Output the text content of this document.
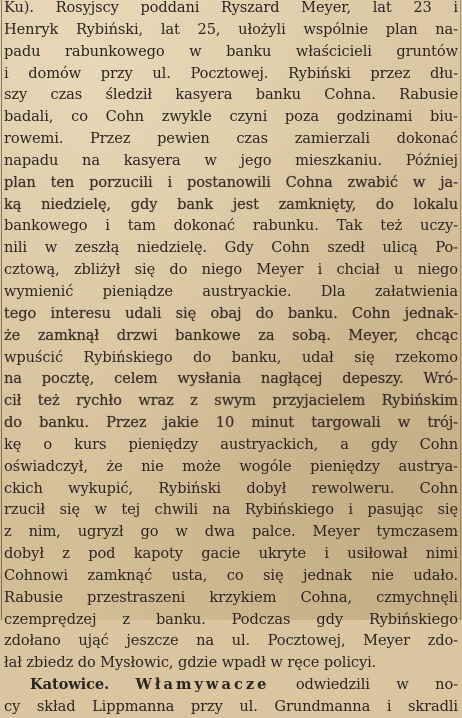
Ku). Rosyjscy poddani Ryszard Meyer, lat 23 i
Henryk Rybiński, lat 25, ułożyli wspólnie plan na-
padu rabunkowego w banku właścicieli gruntów
i domów przy ul. Pocztowej. Rybiński przez dłu-
szy czas śledził kasyera banku Cohna. Rabusie
badali, co Cohn zwykle czyni poza godzinami biu-
rowemi. Przez pewien czas zamierzali dokonać
napadu na kasyera w jego mieszkaniu. Później
plan ten porzucili i postanowili Cohna zwabić w ja-
ką niedzielę, gdy bank jest zamknięty, do lokalu
bankowego i tam dokonać rabunku. Tak też uczy-
nili w zeszłą niedzielę. Gdy Cohn szedł ulicą Po-
cztową, zbliżył się do niego Meyer i chciał u niego
wymienić pieniądze austryackie. Dla załatwienia
tego interesu udali się obaj do banku. Cohn jednak-
że zamknął drzwi bankowe za sobą. Meyer, chcąc
wpuścić Rybińskiego do banku, udał się rzekomo
na pocztę, celem wysłania nagłącej depeszy. Wró-
cił też rychło wraz z swym przyjacielem Rybińskim
do banku. Przez jakie 10 minut targowali w trój-
kę o kurs pieniędzy austryackich, a gdy Cohn
oświadczył, że nie może wogóle pieniędzy austrya-
ckich wykupić, Rybiński dobył rewolweru. Cohn
rzucił się w tej chwili na Rybińskiego i pasując się
z nim, ugryzł go w dwa palce. Meyer tymczasem
dobył z pod kapoty gacie ukryte i usiłował nimi
Cohnowi zamknąć usta, co się jednak nie udało.
Rabusie przestraszeni krzykiem Cohna, czmychnęli
czemprędzej z banku. Podczas gdy Rybińskiego
zdołano ująć jeszcze na ul. Pocztowej, Meyer zdo-
łał zbiedz do Mysłowic, gdzie wpadł w ręce policyi.
Katowice. Włamywacze odwiedzili w no-
cy skład Lippmanna przy ul. Grundmanna i skradli
